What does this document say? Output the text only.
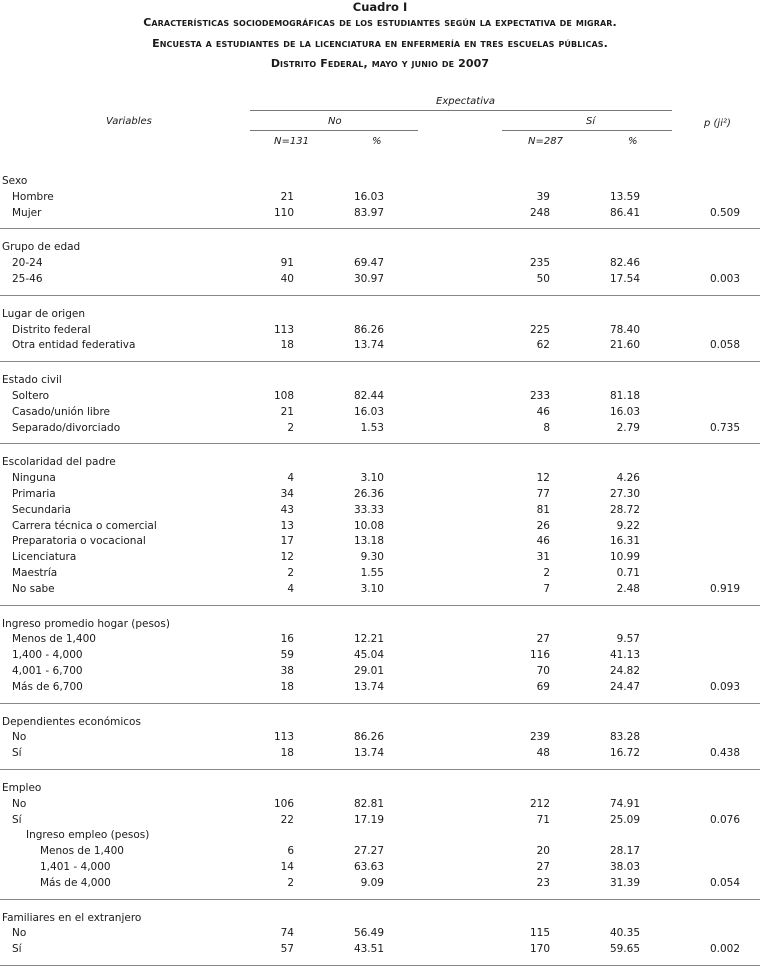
Cuadro I
Características sociodemográficas de los estudiantes según la expectativa de migrar.
Encuesta a estudiantes de la licenciatura en enfermería en tres escuelas públicas.
Distrito Federal, mayo y junio de 2007
Variables
Expectativa
No	Sí	p (ji²)
N=131	%	N=287	%
Sexo
Hombre	21	16.03	39	13.59
Mujer	110	83.97	248	86.41	0.509
Grupo de edad
20-24	91	69.47	235	82.46
25-46	40	30.97	50	17.54	0.003
Lugar de origen
Distrito federal	113	86.26	225	78.40
Otra entidad federativa	18	13.74	62	21.60	0.058
Estado civil
Soltero	108	82.44	233	81.18
Casado/unión libre	21	16.03	46	16.03
Separado/divorciado	2	1.53	8	2.79	0.735
Escolaridad del padre
Ninguna	4	3.10	12	4.26
Primaria	34	26.36	77	27.30
Secundaria	43	33.33	81	28.72
Carrera técnica o comercial	13	10.08	26	9.22
Preparatoria o vocacional	17	13.18	46	16.31
Licenciatura	12	9.30	31	10.99
Maestría	2	1.55	2	0.71
No sabe	4	3.10	7	2.48	0.919
Ingreso promedio hogar (pesos)
Menos de 1,400	16	12.21	27	9.57
1,400 - 4,000	59	45.04	116	41.13
4,001 - 6,700	38	29.01	70	24.82
Más de 6,700	18	13.74	69	24.47	0.093
Dependientes económicos
No	113	86.26	239	83.28
Sí	18	13.74	48	16.72	0.438
Empleo
No	106	82.81	212	74.91
Sí	22	17.19	71	25.09	0.076
Ingreso empleo (pesos)
Menos de 1,400	6	27.27	20	28.17
1,401 - 4,000	14	63.63	27	38.03
Más de 4,000	2	9.09	23	31.39	0.054
Familiares en el extranjero
No	74	56.49	115	40.35
Sí	57	43.51	170	59.65	0.002
